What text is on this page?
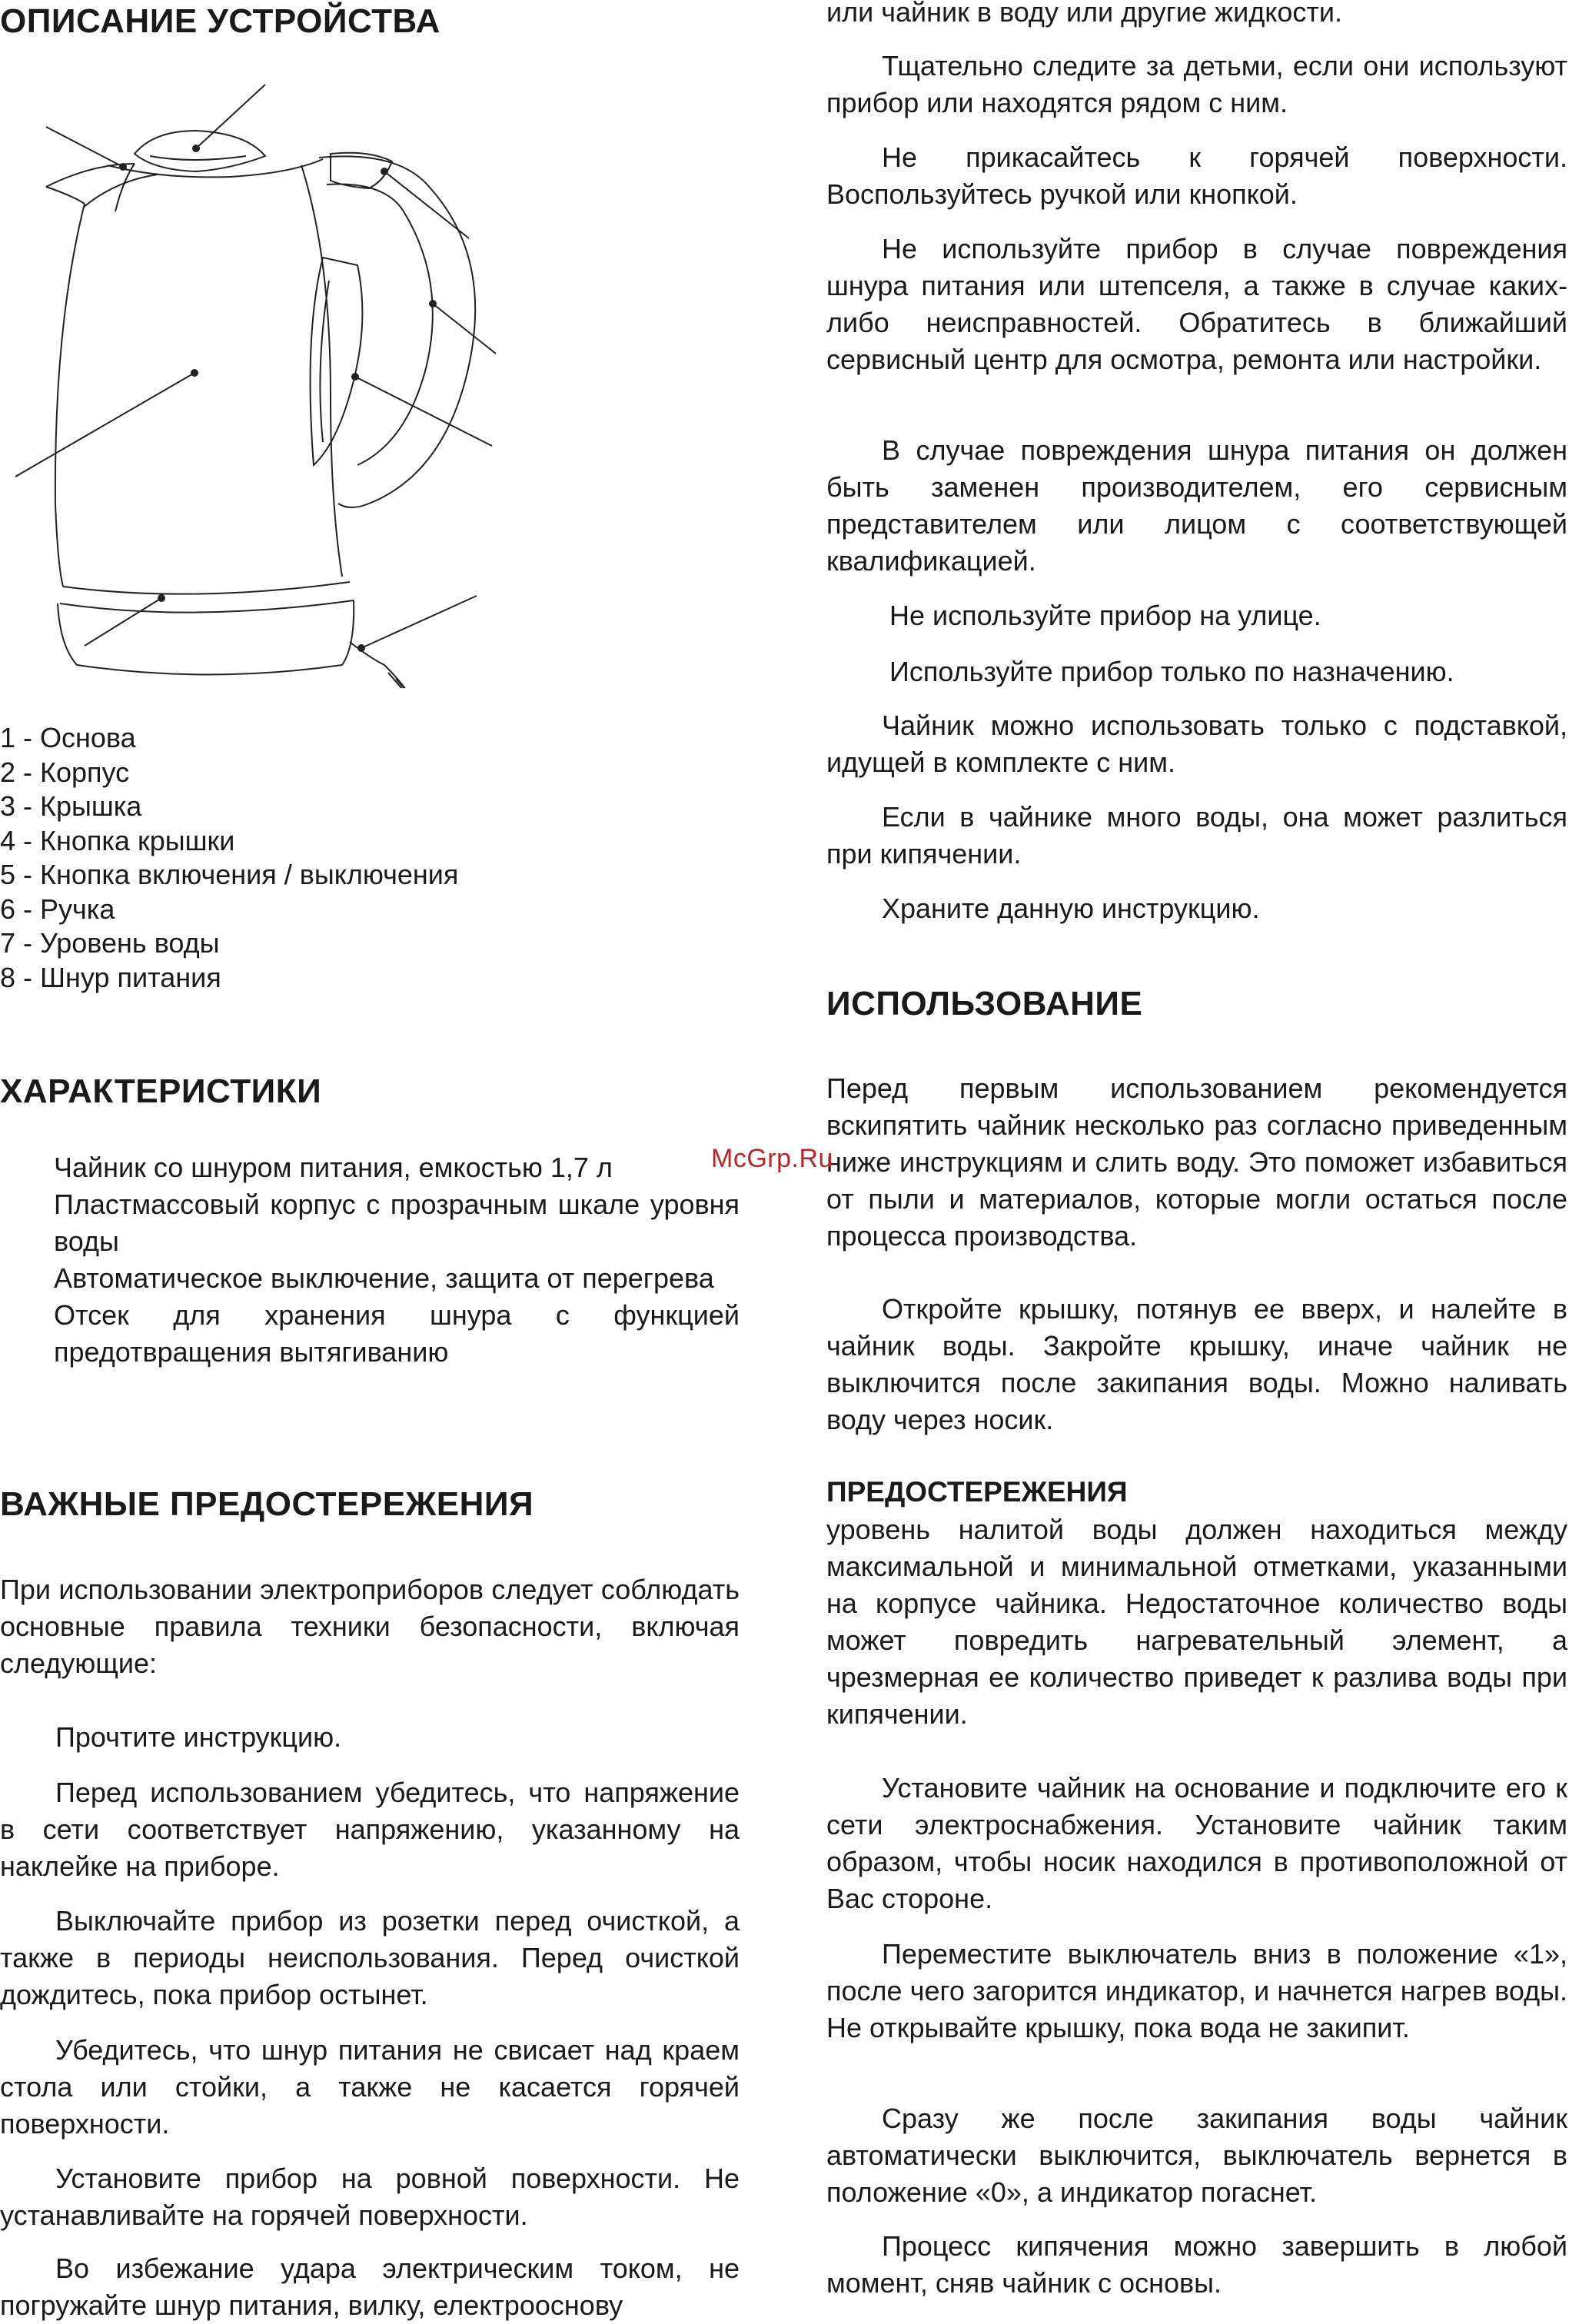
ОПИСАНИЕ УСТРОЙСТВА
1 - Основа
2 - Корпус
3 - Крышка
4 - Кнопка крышки
5 - Кнопка включения / выключения
6 - Ручка
7 - Уровень воды
8 - Шнур питания
ХАРАКТЕРИСТИКИ
Чайник со шнуром питания, емкостью 1,7 л
Пластмассовый корпус с прозрачным шкале уровня воды
Автоматическое выключение, защита от перегрева
Отсек для хранения шнура с функцией предотвращения вытягиванию
ВАЖНЫЕ ПРЕДОСТЕРЕЖЕНИЯ

При использовании электроприборов следует соблюдать основные правила техники безопасности, включая следующие:

Прочтите инструкцию.

Перед использованием убедитесь, что напряжение в сети соответствует напряжению, указанному на наклейке на приборе.

Выключайте прибор из розетки перед очисткой, а также в периоды неиспользования. Перед очисткой дождитесь, пока прибор остынет.

Убедитесь, что шнур питания не свисает над краем стола или стойки, а также не касается горячей поверхности.

Установите прибор на ровной поверхности. Не устанавливайте на горячей поверхности.

Во избежание удара электрическим током, не погружайте шнур питания, вилку, електрооснову

или чайник в воду или другие жидкости.

Тщательно следите за детьми, если они используют прибор или находятся рядом с ним.

Не прикасайтесь к горячей поверхности. Воспользуйтесь ручкой или кнопкой.

Не используйте прибор в случае повреждения шнура питания или штепселя, а также в случае каких-либо неисправностей. Обратитесь в ближайший сервисный центр для осмотра, ремонта или настройки.

В случае повреждения шнура питания он должен быть заменен производителем, его сервисным представителем или лицом с соответствующей квалификацией.

Не используйте прибор на улице.

Используйте прибор только по назначению.

Чайник можно использовать только с подставкой, идущей в комплекте с ним.

Если в чайнике много воды, она может разлиться при кипячении.

Храните данную инструкцию.

ИСПОЛЬЗОВАНИЕ

Перед первым использованием рекомендуется вскипятить чайник несколько раз согласно приведенным ниже инструкциям и слить воду. Это поможет избавиться от пыли и материалов, которые могли остаться после процесса производства.

Откройте крышку, потянув ее вверх, и налейте в чайник воды. Закройте крышку, иначе чайник не выключится после закипания воды. Можно наливать воду через носик.

ПРЕДОСТЕРЕЖЕНИЯ

уровень налитой воды должен находиться между максимальной и минимальной отметками, указанными на корпусе чайника. Недостаточное количество воды может повредить нагревательный элемент, а чрезмерная ее количество приведет к разлива воды при кипячении.

Установите чайник на основание и подключите его к сети электроснабжения. Установите чайник таким образом, чтобы носик находился в противоположной от Вас стороне.

Переместите выключатель вниз в положение «1», после чего загорится индикатор, и начнется нагрев воды. Не открывайте крышку, пока вода не закипит.

Сразу же после закипания воды чайник автоматически выключится, выключатель вернется в положение «0», а индикатор погаснет.

Процесс кипячения можно завершить в любой момент, сняв чайник с основы.

McGrp.Ru
